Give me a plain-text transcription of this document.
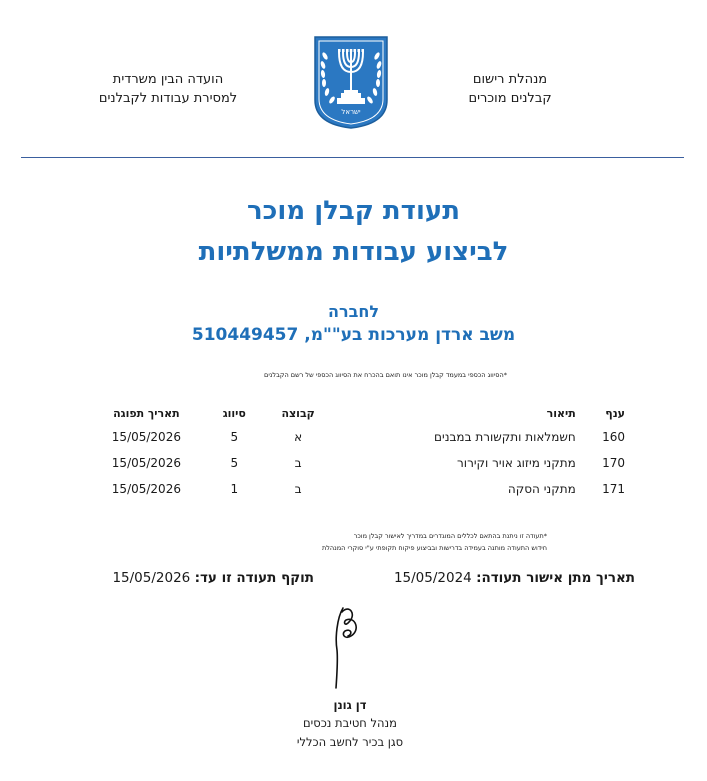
מנהלת רישום
קבלנים מוכרים
ישראל
הועדה הבין משרדית
למסירת עבודות לקבלנים
תעודת קבלן מוכר
לביצוע עבודות ממשלתיות
לחברה
משב ארדן מערכות בע""מ, 510449457
*הסיווג הכספי במעמד קבלן מוכר אינו תואם בהכרח את הסיווג הכספי של רשם הקבלנים
ענף	תיאור	קבוצה	סיווג	תאריך תפוגה
160	חשמלאות ותקשורת במבנים	א	5	15/05/2026
170	מתקני מיזוג אויר וקירור	ב	5	15/05/2026
171	מתקני הסקה	ב	1	15/05/2026
*תעודה זו ניתנת בהתאם לכללים המוגדרים במדריך לאישור קבלן מוכר
חידוש התעודה מותנה בעמידה בדרישות ובביצוע פיקוח תקופתי ע"י סוקרי המנהלת
תאריך מתן אישור תעודה: 15/05/2024
תוקף תעודה זו עד: 15/05/2026
דן גונן
מנהל חטיבת נכסים
סגן בכיר לחשב הכללי
